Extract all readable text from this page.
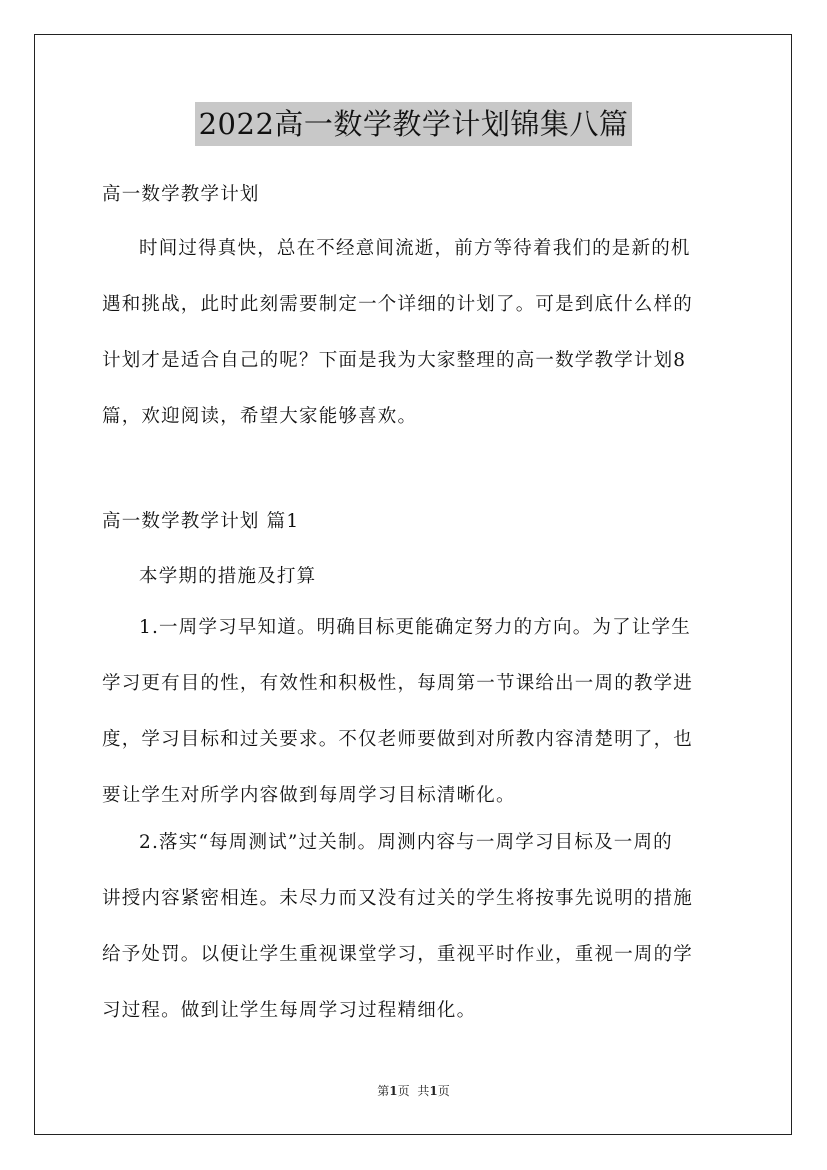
2022高一数学教学计划锦集八篇
高一数学教学计划
时间过得真快，总在不经意间流逝，前方等待着我们的是新的机
遇和挑战，此时此刻需要制定一个详细的计划了。可是到底什么样的
计划才是适合自己的呢？下面是我为大家整理的高一数学教学计划8
篇，欢迎阅读，希望大家能够喜欢。
高一数学教学计划 篇1
本学期的措施及打算
1.一周学习早知道。明确目标更能确定努力的方向。为了让学生
学习更有目的性，有效性和积极性，每周第一节课给出一周的教学进
度，学习目标和过关要求。不仅老师要做到对所教内容清楚明了，也
要让学生对所学内容做到每周学习目标清晰化。
2.落实“每周测试”过关制。周测内容与一周学习目标及一周的
讲授内容紧密相连。未尽力而又没有过关的学生将按事先说明的措施
给予处罚。以便让学生重视课堂学习，重视平时作业，重视一周的学
习过程。做到让学生每周学习过程精细化。
第1页 共1页
